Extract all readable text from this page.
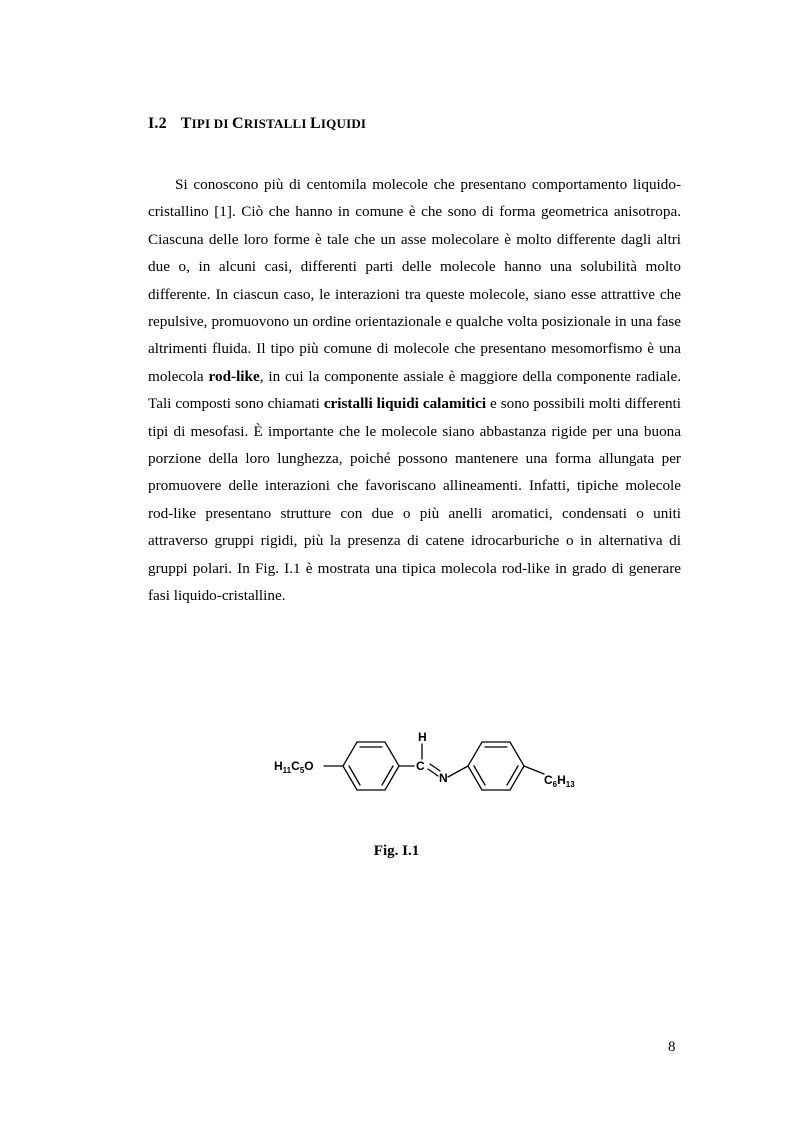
I.2 TIPI DI CRISTALLI LIQUIDI

Si conoscono più di centomila molecole che presentano comportamento liquido-cristallino [1]. Ciò che hanno in comune è che sono di forma geometrica anisotropa. Ciascuna delle loro forme è tale che un asse molecolare è molto differente dagli altri due o, in alcuni casi, differenti parti delle molecole hanno una solubilità molto differente. In ciascun caso, le interazioni tra queste molecole, siano esse attrattive che repulsive, promuovono un ordine orientazionale e qualche volta posizionale in una fase altrimenti fluida. Il tipo più comune di molecole che presentano mesomorfismo è una molecola rod-like, in cui la componente assiale è maggiore della componente radiale. Tali composti sono chiamati cristalli liquidi calamitici e sono possibili molti differenti tipi di mesofasi. È importante che le molecole siano abbastanza rigide per una buona porzione della loro lunghezza, poiché possono mantenere una forma allungata per promuovere delle interazioni che favoriscano allineamenti. Infatti, tipiche molecole rod-like presentano strutture con due o più anelli aromatici, condensati o uniti attraverso gruppi rigidi, più la presenza di catene idrocarburiche o in alternativa di gruppi polari. In Fig. I.1 è mostrata una tipica molecola rod-like in grado di generare fasi liquido-cristalline.

$H_{11}C_5O$
H
C
N	$C_6H_{13}$
Fig. I.1
8
